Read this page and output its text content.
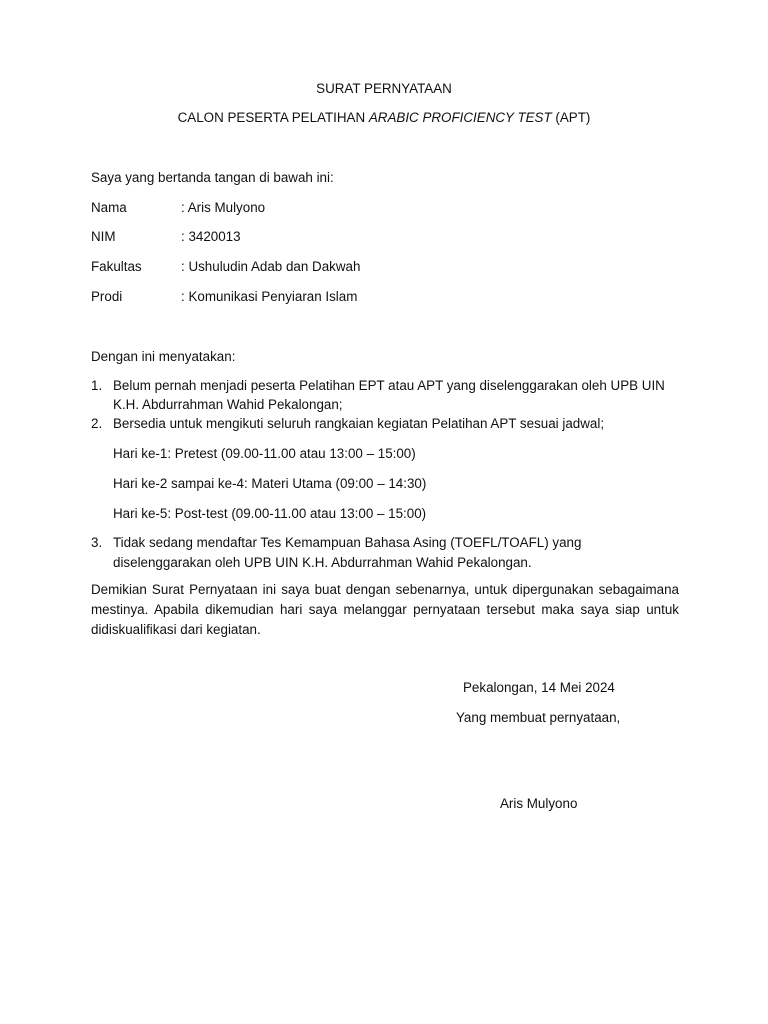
SURAT PERNYATAAN
CALON PESERTA PELATIHAN ARABIC PROFICIENCY TEST (APT)
Saya yang bertanda tangan di bawah ini:
Nama	: Aris Mulyono
NIM	: 3420013
Fakultas	: Ushuludin Adab dan Dakwah
Prodi	: Komunikasi Penyiaran Islam
Dengan ini menyatakan:
1. Belum pernah menjadi peserta Pelatihan EPT atau APT yang diselenggarakan oleh UPB UIN
K.H. Abdurrahman Wahid Pekalongan;
2. Bersedia untuk mengikuti seluruh rangkaian kegiatan Pelatihan APT sesuai jadwal;
Hari ke-1: Pretest (09.00-11.00 atau 13:00 – 15:00)
Hari ke-2 sampai ke-4: Materi Utama (09:00 – 14:30)
Hari ke-5: Post-test (09.00-11.00 atau 13:00 – 15:00)
3. Tidak sedang mendaftar Tes Kemampuan Bahasa Asing (TOEFL/TOAFL) yang
diselenggarakan oleh UPB UIN K.H. Abdurrahman Wahid Pekalongan.
Demikian Surat Pernyataan ini saya buat dengan sebenarnya, untuk dipergunakan sebagaimana mestinya. Apabila dikemudian hari saya melanggar pernyataan tersebut maka saya siap untuk didiskualifikasi dari kegiatan.
Pekalongan, 14 Mei 2024
Yang membuat pernyataan,
Aris Mulyono
